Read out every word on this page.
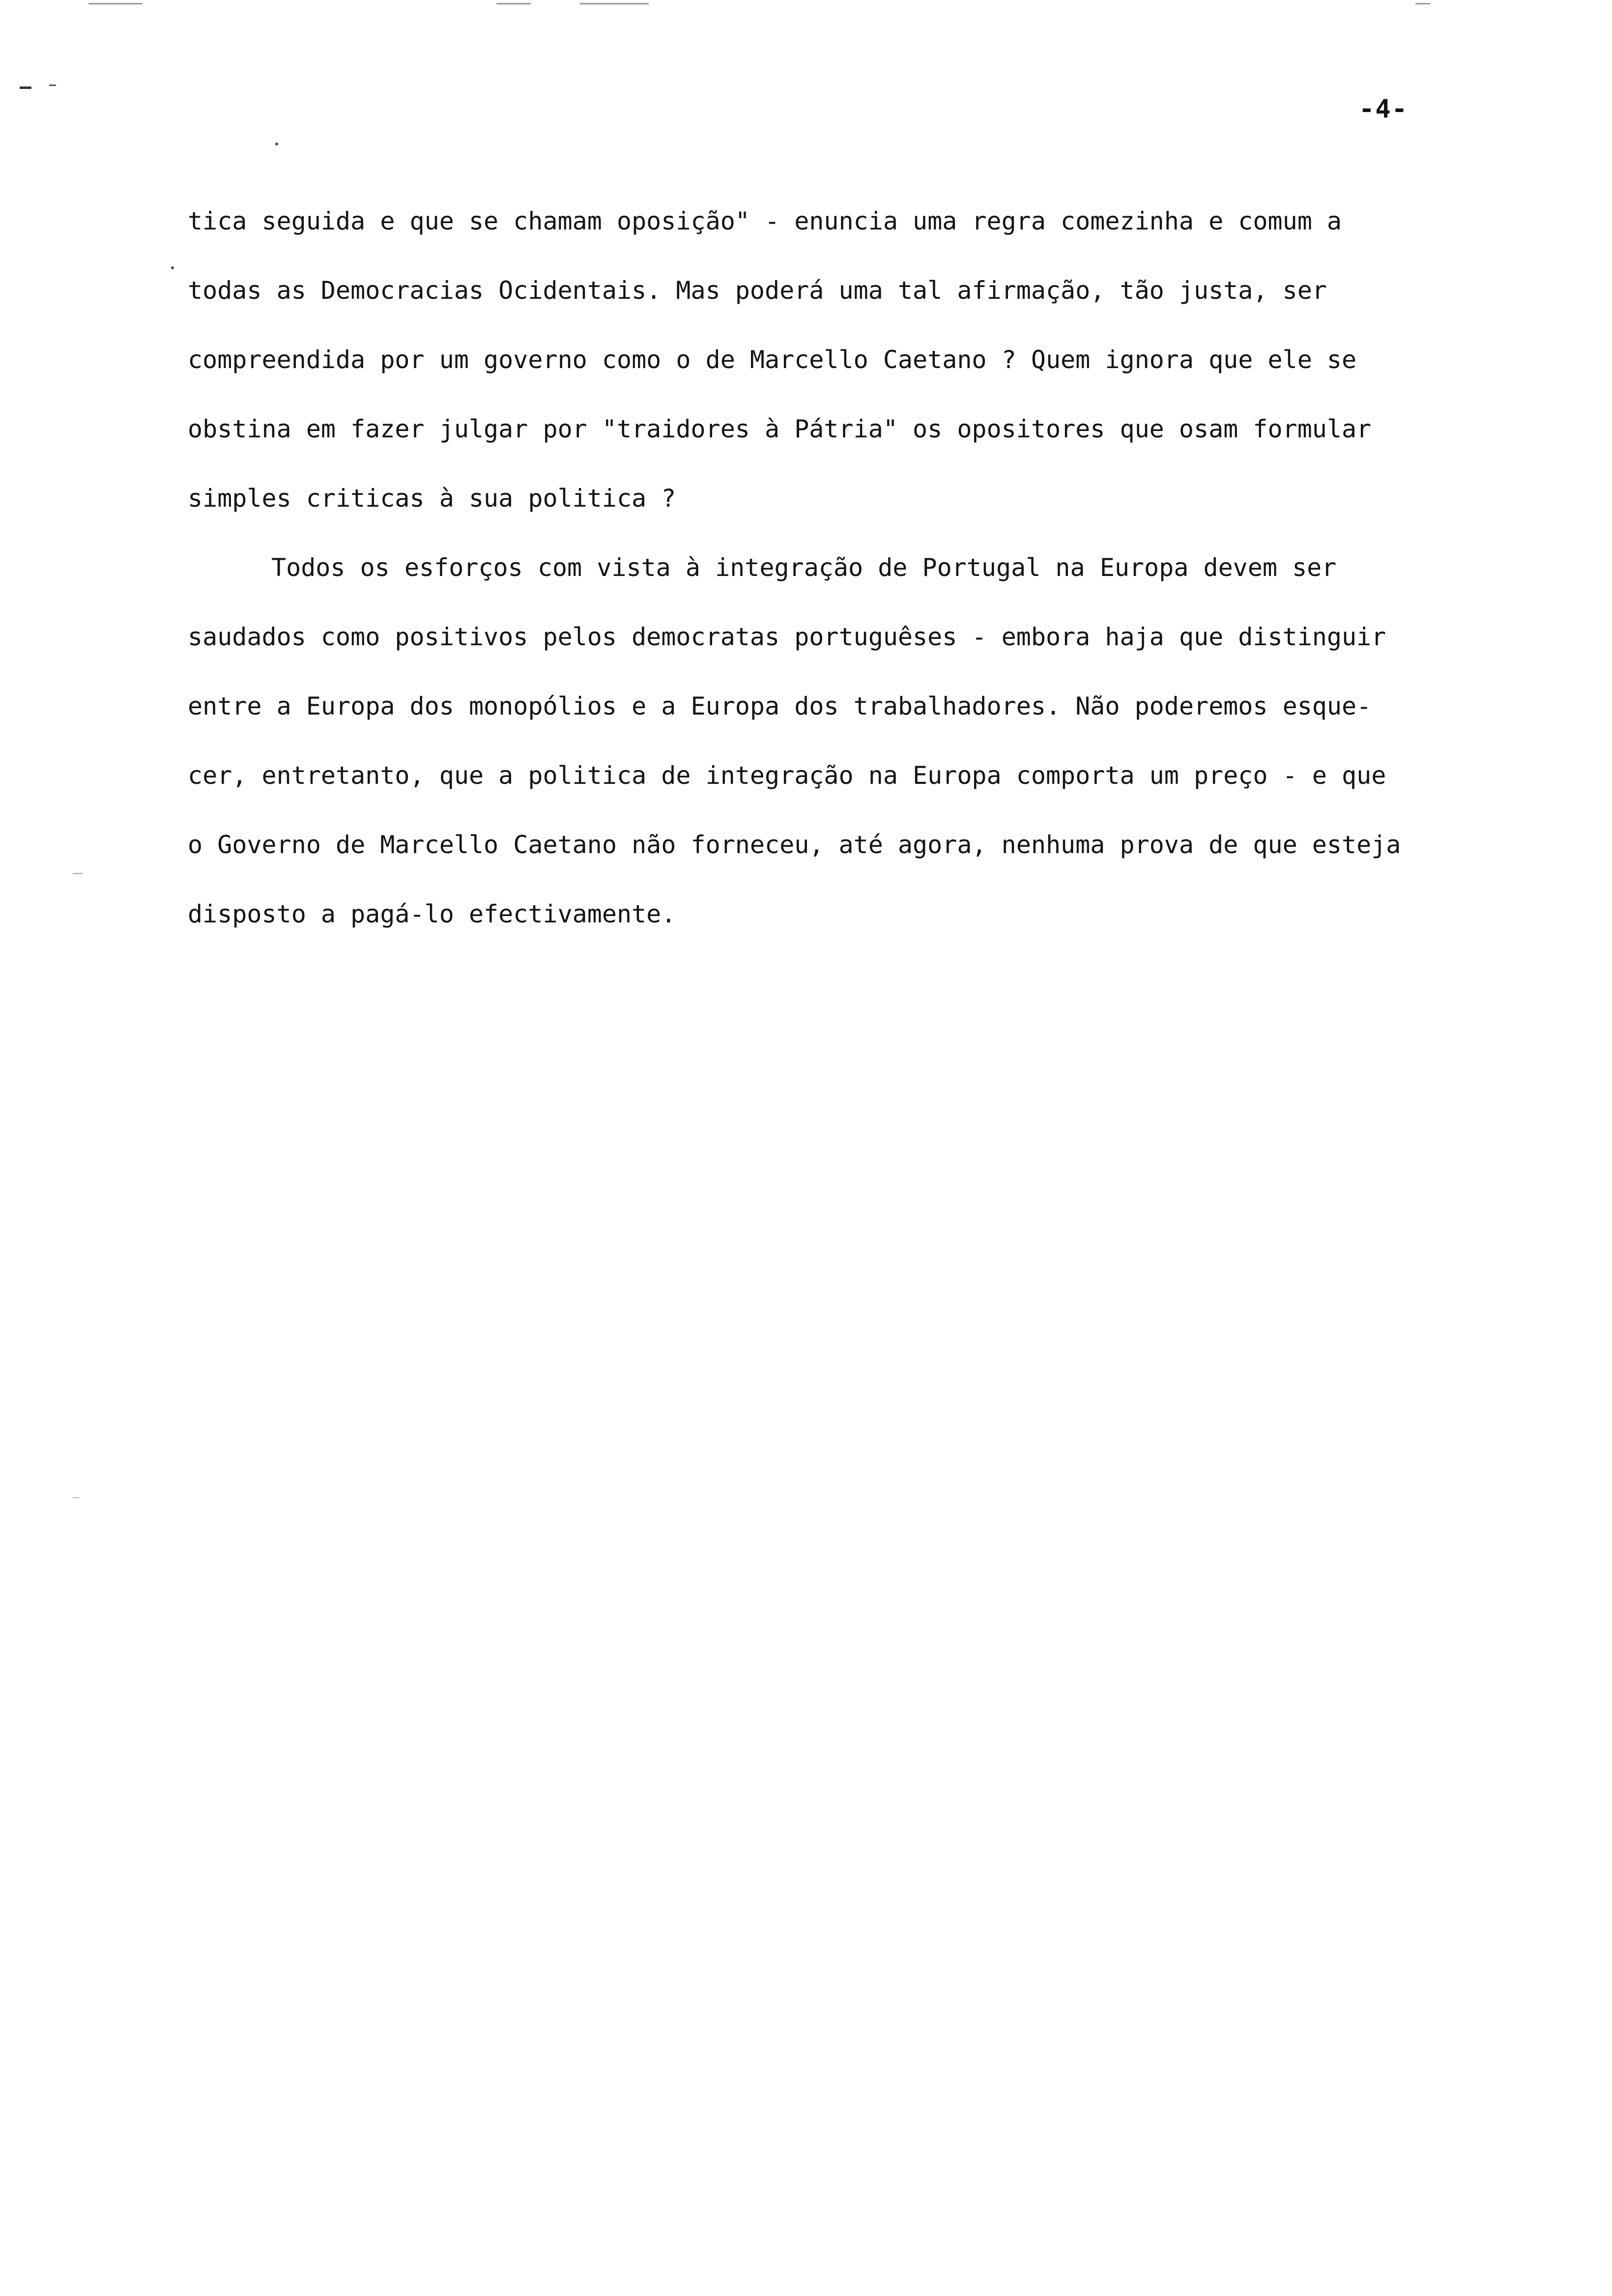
-4-
tica seguida e que se chamam oposição" - enuncia uma regra comezinha e comum a
todas as Democracias Ocidentais. Mas poderá uma tal afirmação, tão justa, ser
compreendida por um governo como o de Marcello Caetano ? Quem ignora que ele se
obstina em fazer julgar por "traidores à Pátria" os opositores que osam formular
simples criticas à sua politica ?
Todos os esforços com vista à integração de Portugal na Europa devem ser
saudados como positivos pelos democratas portuguêses - embora haja que distinguir
entre a Europa dos monopólios e a Europa dos trabalhadores. Não poderemos esque-
cer, entretanto, que a politica de integração na Europa comporta um preço - e que
o Governo de Marcello Caetano não forneceu, até agora, nenhuma prova de que esteja
disposto a pagá-lo efectivamente.
